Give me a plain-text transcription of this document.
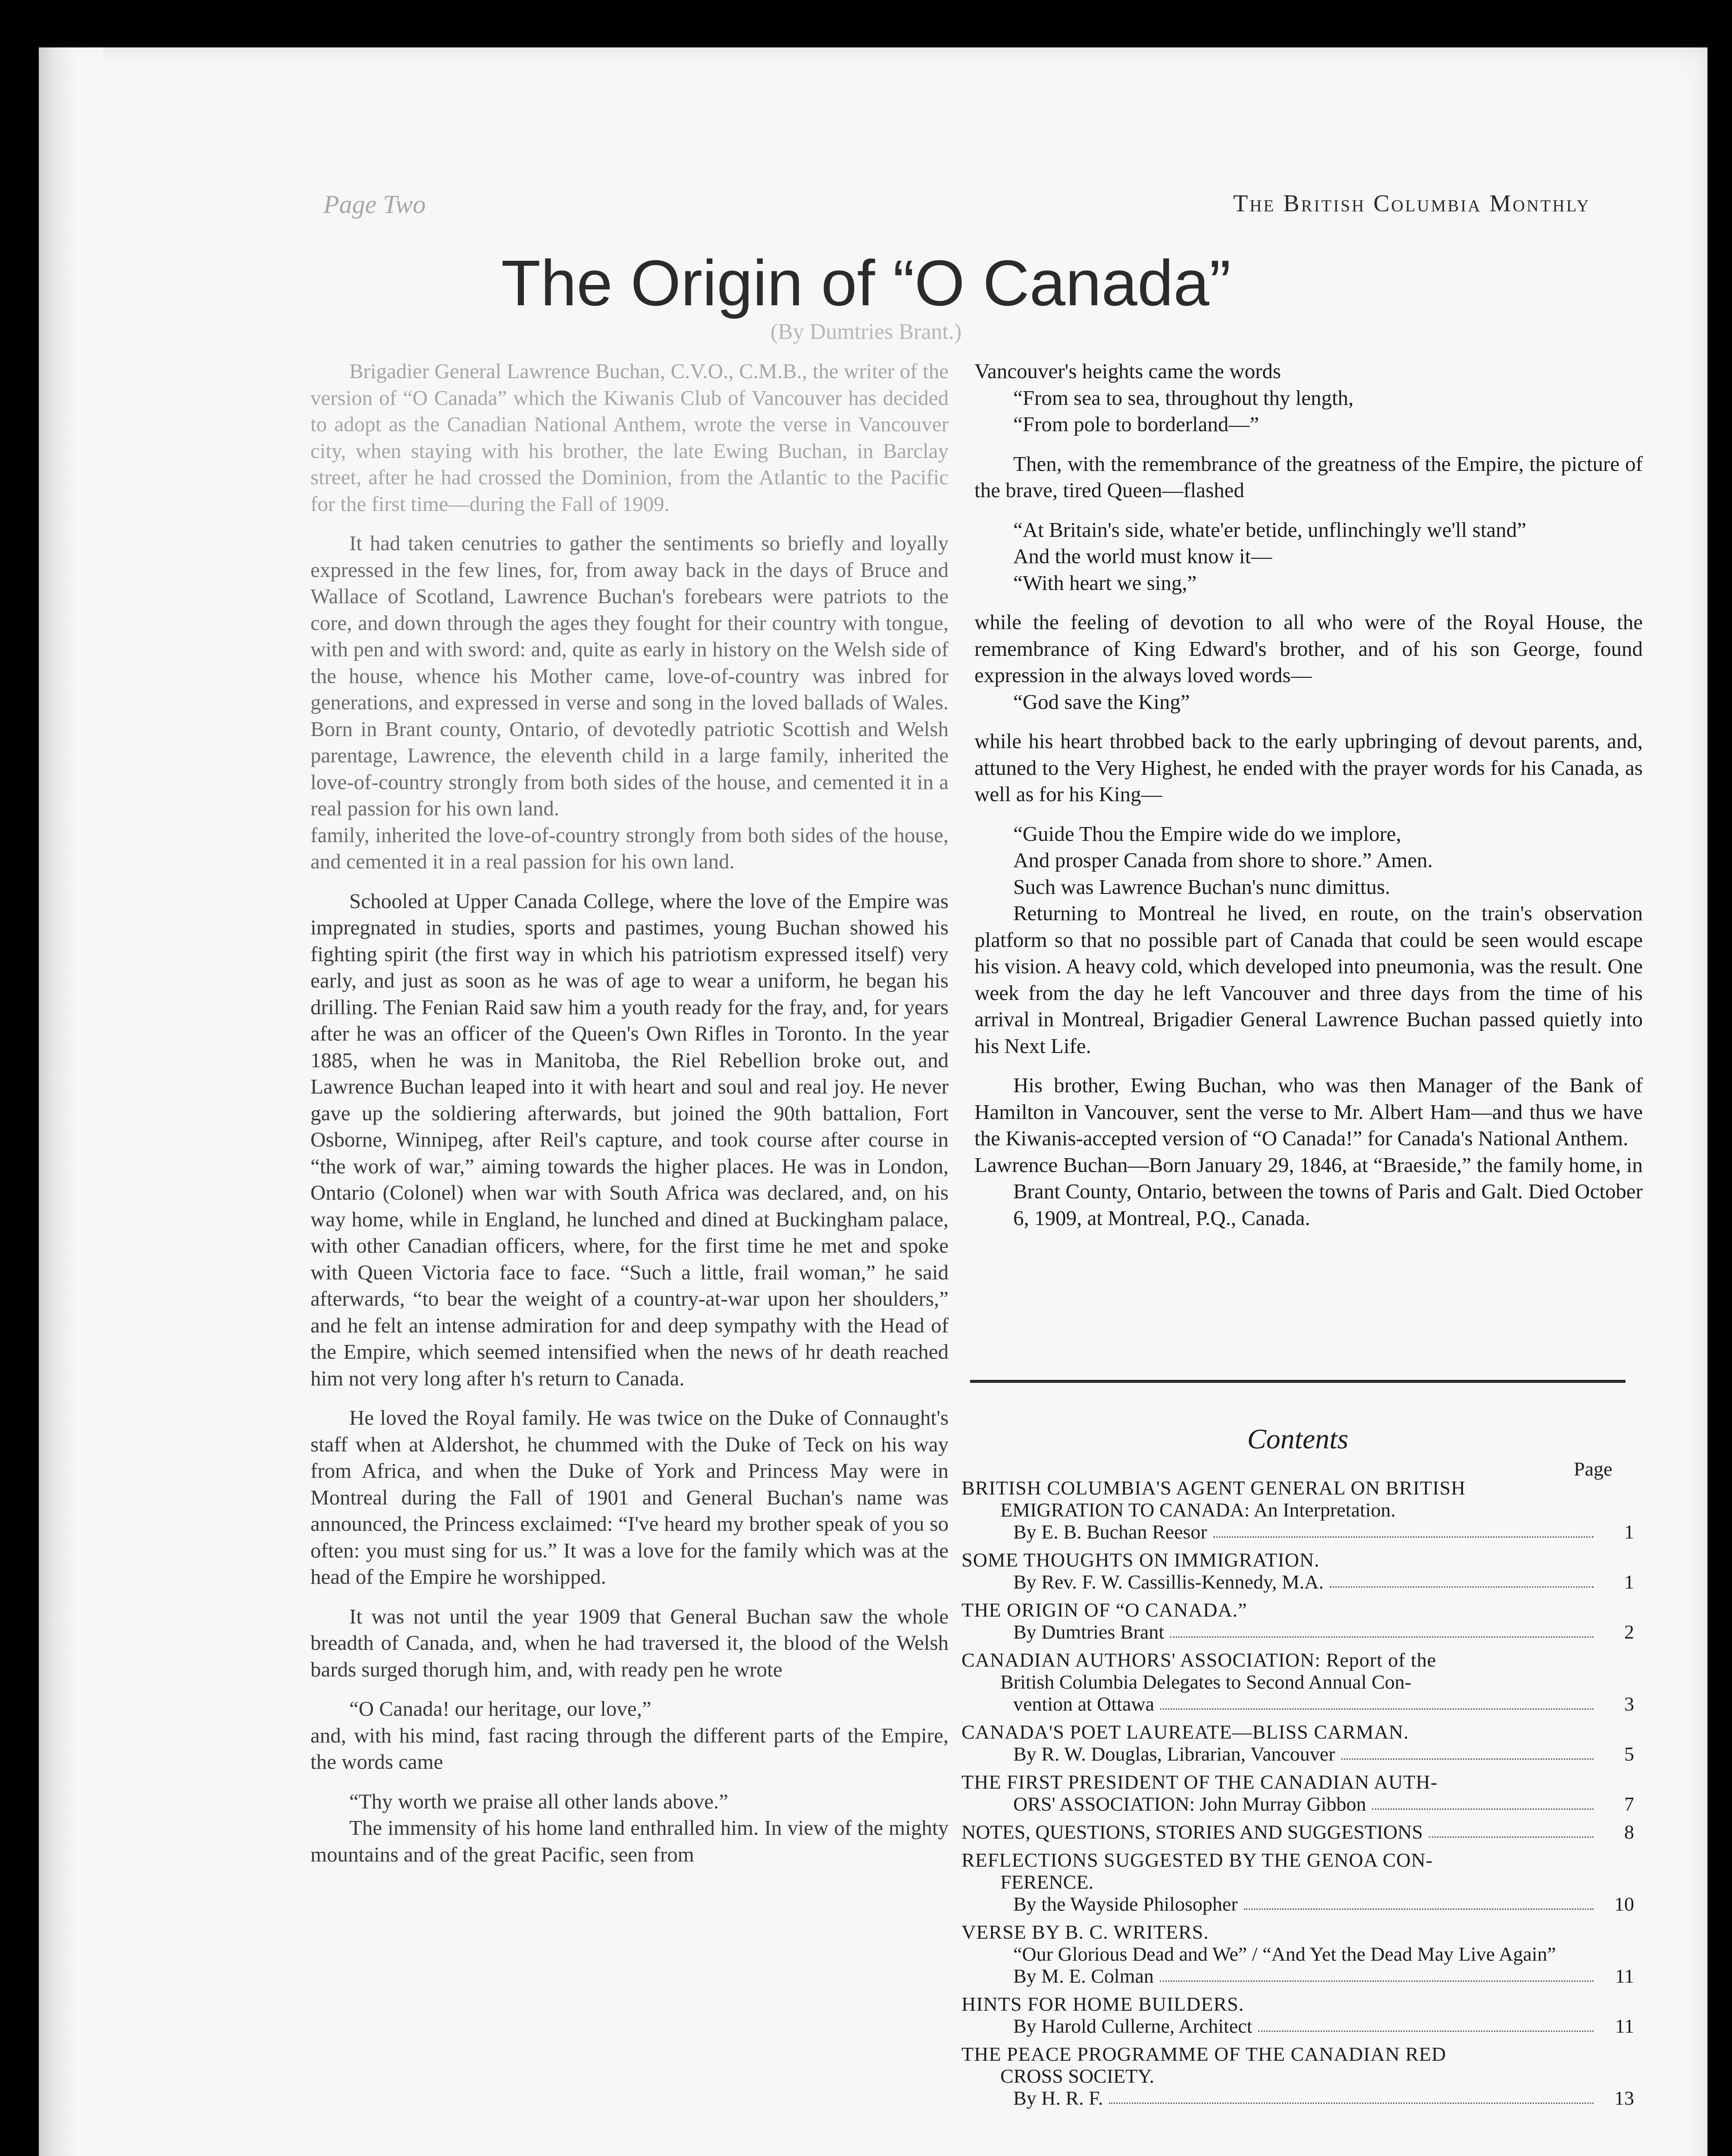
Page Two	The British Columbia Monthly
The Origin of “O Canada”
(By Dumtries Brant.)

Brigadier General Lawrence Buchan, C.V.O., C.M.B., the writer of the version of “O Canada” which the Kiwanis Club of Vancouver has decided to adopt as the Canadian National Anthem, wrote the verse in Vancouver city, when staying with his brother, the late Ewing Buchan, in Barclay street, after he had crossed the Dominion, from the Atlantic to the Pacific for the first time—during the Fall of 1909.

It had taken cenutries to gather the sentiments so briefly and loyally expressed in the few lines, for, from away back in the days of Bruce and Wallace of Scotland, Lawrence Buchan's forebears were patriots to the core, and down through the ages they fought for their country with tongue, with pen and with sword: and, quite as early in history on the Welsh side of the house, whence his Mother came, love-of-country was inbred for generations, and expressed in verse and song in the loved ballads of Wales. Born in Brant county, Ontario, of devotedly patriotic Scottish and Welsh parentage, Lawrence, the eleventh child in a large family, inherited the love-of-country strongly from both sides of the house, and cemented it in a real passion for his own land.

family, inherited the love-of-country strongly from both sides of the house, and cemented it in a real passion for his own land.

Schooled at Upper Canada College, where the love of the Empire was impregnated in studies, sports and pastimes, young Buchan showed his fighting spirit (the first way in which his patriotism expressed itself) very early, and just as soon as he was of age to wear a uniform, he began his drilling. The Fenian Raid saw him a youth ready for the fray, and, for years after he was an officer of the Queen's Own Rifles in Toronto. In the year 1885, when he was in Manitoba, the Riel Rebellion broke out, and Lawrence Buchan leaped into it with heart and soul and real joy. He never gave up the soldiering afterwards, but joined the 90th battalion, Fort Osborne, Winnipeg, after Reil's capture, and took course after course in “the work of war,” aiming towards the higher places. He was in London, Ontario (Colonel) when war with South Africa was declared, and, on his way home, while in England, he lunched and dined at Buckingham palace, with other Canadian officers, where, for the first time he met and spoke with Queen Victoria face to face. “Such a little, frail woman,” he said afterwards, “to bear the weight of a country-at-war upon her shoulders,” and he felt an intense admiration for and deep sympathy with the Head of the Empire, which seemed intensified when the news of hr death reached him not very long after h's return to Canada.

He loved the Royal family. He was twice on the Duke of Connaught's staff when at Aldershot, he chummed with the Duke of Teck on his way from Africa, and when the Duke of York and Princess May were in Montreal during the Fall of 1901 and General Buchan's name was announced, the Princess exclaimed: “I've heard my brother speak of you so often: you must sing for us.” It was a love for the family which was at the head of the Empire he worshipped.

It was not until the year 1909 that General Buchan saw the whole breadth of Canada, and, when he had traversed it, the blood of the Welsh bards surged thorugh him, and, with ready pen he wrote

“O Canada! our heritage, our love,”

and, with his mind, fast racing through the different parts of the Empire, the words came

“Thy worth we praise all other lands above.”

The immensity of his home land enthralled him. In view of the mighty mountains and of the great Pacific, seen from

Vancouver's heights came the words

“From sea to sea, throughout thy length,

“From pole to borderland—”

Then, with the remembrance of the greatness of the Empire, the picture of the brave, tired Queen—flashed

“At Britain's side, whate'er betide, unflinchingly we'll stand”

And the world must know it—

“With heart we sing,”

while the feeling of devotion to all who were of the Royal House, the remembrance of King Edward's brother, and of his son George, found expression in the always loved words—

“God save the King”

while his heart throbbed back to the early upbringing of devout parents, and, attuned to the Very Highest, he ended with the prayer words for his Canada, as well as for his King—

“Guide Thou the Empire wide do we implore,

And prosper Canada from shore to shore.” Amen.

Such was Lawrence Buchan's nunc dimittus.

Returning to Montreal he lived, en route, on the train's observation platform so that no possible part of Canada that could be seen would escape his vision. A heavy cold, which developed into pneumonia, was the result. One week from the day he left Vancouver and three days from the time of his arrival in Montreal, Brigadier General Lawrence Buchan passed quietly into his Next Life.

His brother, Ewing Buchan, who was then Manager of the Bank of Hamilton in Vancouver, sent the verse to Mr. Albert Ham—and thus we have the Kiwanis-accepted version of “O Canada!” for Canada's National Anthem.

Lawrence Buchan—Born January 29, 1846, at “Braeside,” the family home, in Brant County, Ontario, between the towns of Paris and Galt. Died October 6, 1909, at Montreal, P.Q., Canada.

Contents
Page
BRITISH COLUMBIA'S AGENT GENERAL ON BRITISH
EMIGRATION TO CANADA: An Interpretation.
By E. B. Buchan Reesor	1
SOME THOUGHTS ON IMMIGRATION.
By Rev. F. W. Cassillis-Kennedy, M.A.	1
THE ORIGIN OF “O CANADA.”
By Dumtries Brant	2
CANADIAN AUTHORS' ASSOCIATION: Report of the
British Columbia Delegates to Second Annual Con-
vention at Ottawa	3
CANADA'S POET LAUREATE—BLISS CARMAN.
By R. W. Douglas, Librarian, Vancouver	5
THE FIRST PRESIDENT OF THE CANADIAN AUTH-
ORS' ASSOCIATION: John Murray Gibbon	7
NOTES, QUESTIONS, STORIES AND SUGGESTIONS	8
REFLECTIONS SUGGESTED BY THE GENOA CON-
FERENCE.
By the Wayside Philosopher	10
VERSE BY B. C. WRITERS.
“Our Glorious Dead and We” / “And Yet the Dead May Live Again”
By M. E. Colman	11
HINTS FOR HOME BUILDERS.
By Harold Cullerne, Architect	11
THE PEACE PROGRAMME OF THE CANADIAN RED
CROSS SOCIETY.
By H. R. F.	13
